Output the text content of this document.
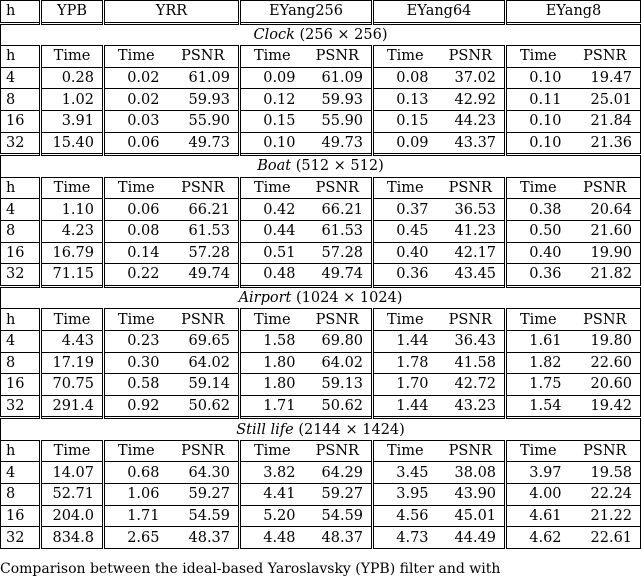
h	YPB	YRR		EYang256		EYang64		EYang8	
Clock (256 × 256)									
h	Time	Time	PSNR	Time	PSNR	Time	PSNR	Time	PSNR
4	0.28	0.02	61.09	0.09	61.09	0.08	37.02	0.10	19.47
8	1.02	0.02	59.93	0.12	59.93	0.13	42.92	0.11	25.01
16	3.91	0.03	55.90	0.15	55.90	0.15	44.23	0.10	21.84
32	15.40	0.06	49.73	0.10	49.73	0.09	43.37	0.10	21.36
Boat (512 × 512)									
h	Time	Time	PSNR	Time	PSNR	Time	PSNR	Time	PSNR
4	1.10	0.06	66.21	0.42	66.21	0.37	36.53	0.38	20.64
8	4.23	0.08	61.53	0.44	61.53	0.45	41.23	0.50	21.60
16	16.79	0.14	57.28	0.51	57.28	0.40	42.17	0.40	19.90
32	71.15	0.22	49.74	0.48	49.74	0.36	43.45	0.36	21.82
Airport (1024 × 1024)									
h	Time	Time	PSNR	Time	PSNR	Time	PSNR	Time	PSNR
4	4.43	0.23	69.65	1.58	69.80	1.44	36.43	1.61	19.80
8	17.19	0.30	64.02	1.80	64.02	1.78	41.58	1.82	22.60
16	70.75	0.58	59.14	1.80	59.13	1.70	42.72	1.75	20.60
32	291.4	0.92	50.62	1.71	50.62	1.44	43.23	1.54	19.42
Still life (2144 × 1424)									
h	Time	Time	PSNR	Time	PSNR	Time	PSNR	Time	PSNR
4	14.07	0.68	64.30	3.82	64.29	3.45	38.08	3.97	19.58
8	52.71	1.06	59.27	4.41	59.27	3.95	43.90	4.00	22.24
16	204.0	1.71	54.59	5.20	54.59	4.56	45.01	4.61	21.22
32	834.8	2.65	48.37	4.48	48.37	4.73	44.49	4.62	22.61
Comparison between the ideal-based Yaroslavsky (YPB) filter and with
